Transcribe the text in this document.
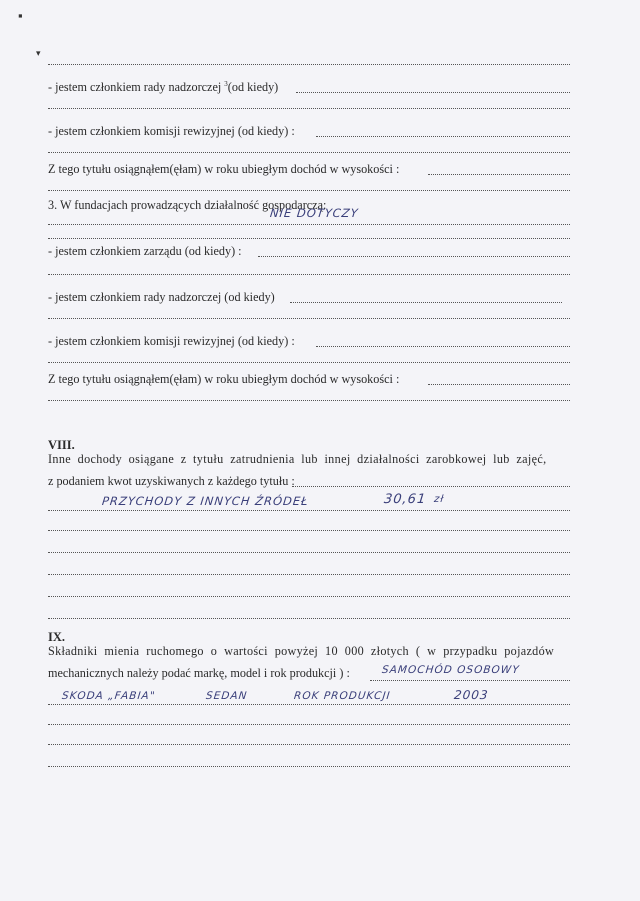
▪
▾
- jestem członkiem rady nadzorczej $^3$(od kiedy)
- jestem członkiem komisji rewizyjnej (od kiedy) :
Z tego tytułu osiągnąłem(ęłam) w roku ubiegłym dochód w wysokości :
3. W fundacjach prowadzących działalność gospodarczą:
NIE DOTYCZY
- jestem członkiem zarządu (od kiedy) :
- jestem członkiem rady nadzorczej (od kiedy)
- jestem członkiem komisji rewizyjnej (od kiedy) :
Z tego tytułu osiągnąłem(ęłam) w roku ubiegłym dochód w wysokości :
VIII.
Inne dochody osiągane z tytułu zatrudnienia lub innej działalności zarobkowej lub zajęć,
z podaniem kwot uzyskiwanych z każdego tytułu :
PRZYCHODY Z INNYCH ŹRÓDEŁ	30,61 zł
IX.
Składniki mienia ruchomego o wartości powyżej 10 000 złotych ( w przypadku pojazdów
mechanicznych należy podać markę, model i rok produkcji ) :	SAMOCHÓD OSOBOWY
SKODA „FABIA"	SEDAN	ROK PRODUKCJI	2003
